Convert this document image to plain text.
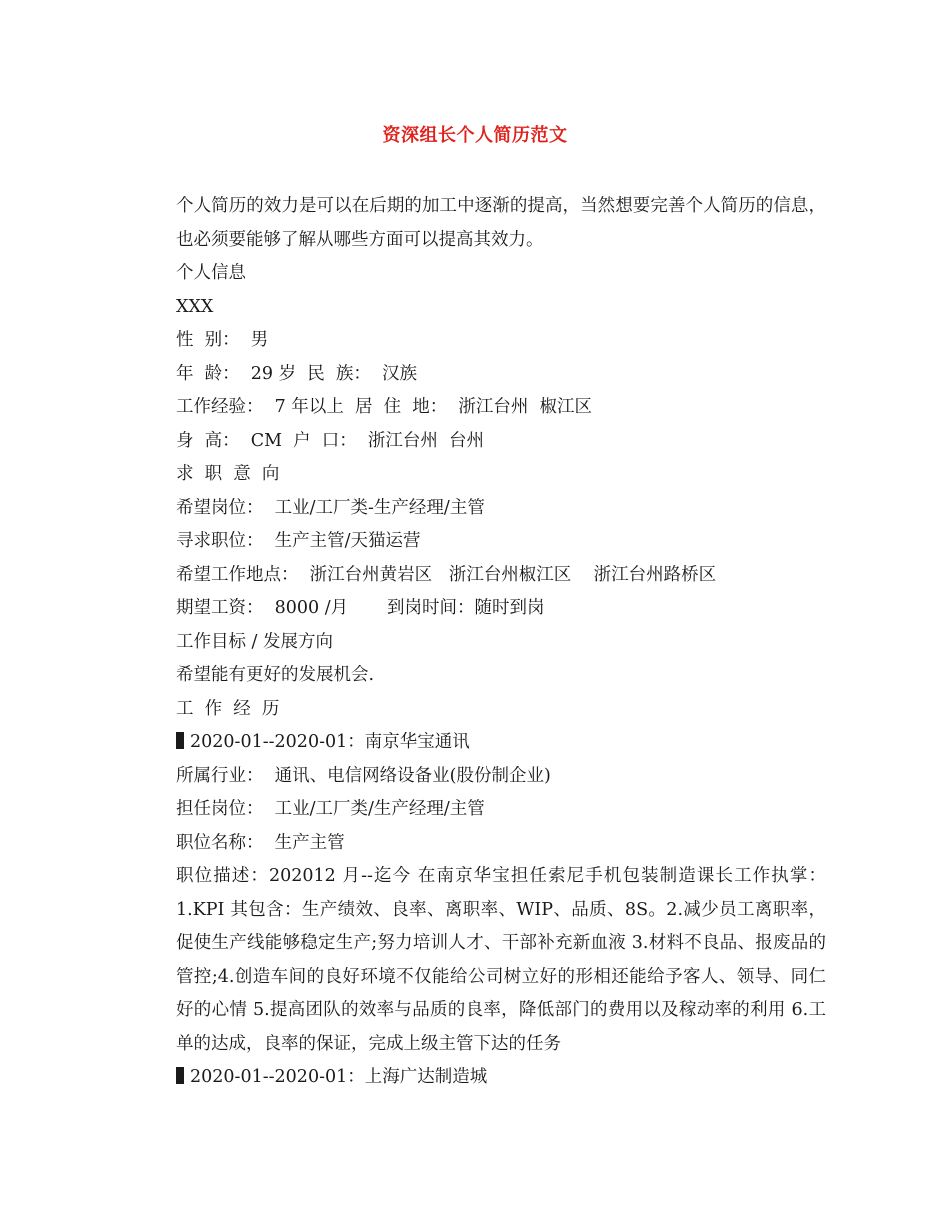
资深组长个人简历范文

个人简历的效力是可以在后期的加工中逐渐的提高，当然想要完善个人简历的信息，也必须要能够了解从哪些方面可以提高其效力。

个人信息

XXX

性  别：  男

年  龄：  29 岁  民  族：  汉族

工作经验：  7 年以上  居  住  地：  浙江台州  椒江区

身  高：  CM  户  口：  浙江台州  台州

求  职  意  向

希望岗位：  工业/工厂类-生产经理/主管

寻求职位：  生产主管/天猫运营

希望工作地点：  浙江台州黄岩区   浙江台州椒江区    浙江台州路桥区

期望工资：  8000 /月       到岗时间：随时到岗

工作目标 / 发展方向

希望能有更好的发展机会.

工  作  经  历

2020-01--2020-01：南京华宝通讯

所属行业：  通讯、电信网络设备业(股份制企业)

担任岗位：  工业/工厂类/生产经理/主管

职位名称：  生产主管

职位描述：202012 月--迄今 在南京华宝担任索尼手机包装制造课长工作执掌：1.KPI 其包含：生产绩效、良率、离职率、WIP、品质、8S。2.减少员工离职率，促使生产线能够稳定生产;努力培训人才、干部补充新血液 3.材料不良品、报废品的管控;4.创造车间的良好环境不仅能给公司树立好的形相还能给予客人、领导、同仁好的心情 5.提高团队的效率与品质的良率，降低部门的费用以及稼动率的利用 6.工单的达成，良率的保证，完成上级主管下达的任务

2020-01--2020-01：上海广达制造城
